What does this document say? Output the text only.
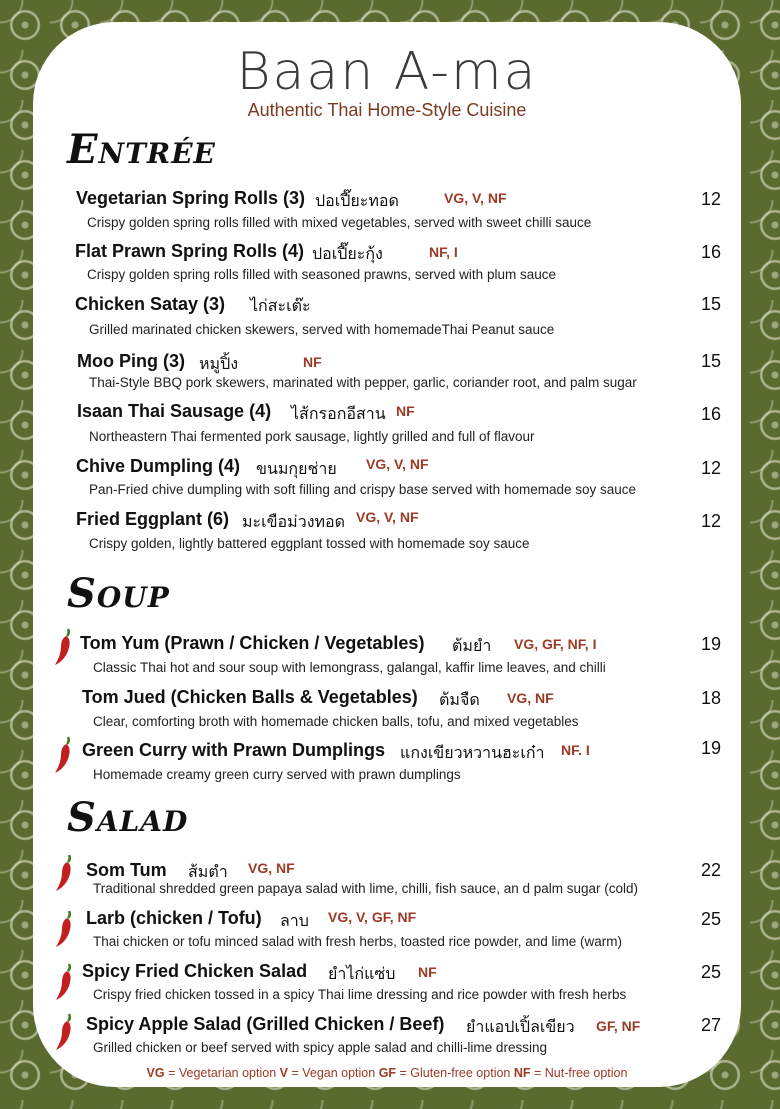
Baan A-ma
Authentic Thai Home-Style Cuisine
Entrée
Vegetarian Spring Rolls (3) ปอเปี๊ยะทอด	VG, V, NF	12
Crispy golden spring rolls filled with mixed vegetables, served with sweet chilli sauce
Flat Prawn Spring Rolls (4) ปอเปี๊ยะกุ้ง	NF, I	16
Crispy golden spring rolls filled with seasoned prawns, served with plum sauce
Chicken Satay (3) ไก่สะเต๊ะ	15
Grilled marinated chicken skewers, served with homemadeThai Peanut sauce
Moo Ping (3) หมูปิ้ง	NF	15
Thai-Style BBQ pork skewers, marinated with pepper, garlic, coriander root, and palm sugar
Isaan Thai Sausage (4) ไส้กรอกอีสาน NF	16
Northeastern Thai fermented pork sausage, lightly grilled and full of flavour
Chive Dumpling (4) ขนมกุยช่าย VG, V, NF	12
Pan-Fried chive dumpling with soft filling and crispy base served with homemade soy sauce
Fried Eggplant (6) มะเขือม่วงทอด VG, V, NF	12
Crispy golden, lightly battered eggplant tossed with homemade soy sauce
Soup
Tom Yum (Prawn / Chicken / Vegetables) ต้มยำ VG, GF, NF, I	19
Classic Thai hot and sour soup with lemongrass, galangal, kaffir lime leaves, and chilli
Tom Jued (Chicken Balls & Vegetables) ต้มจืด VG, NF	18
Clear, comforting broth with homemade chicken balls, tofu, and mixed vegetables
Green Curry with Prawn Dumplings แกงเขียวหวานฮะเก๋า NF. I	19
Homemade creamy green curry served with prawn dumplings
Salad
Som Tum ส้มตำ VG, NF	22
Traditional shredded green papaya salad with lime, chilli, fish sauce, an d palm sugar (cold)
Larb (chicken / Tofu) ลาบ VG, V, GF, NF	25
Thai chicken or tofu minced salad with fresh herbs, toasted rice powder, and lime (warm)
Spicy Fried Chicken Salad ยำไก่แซ่บ NF	25
Crispy fried chicken tossed in a spicy Thai lime dressing and rice powder with fresh herbs
Spicy Apple Salad (Grilled Chicken / Beef) ยำแอปเปิ้ลเขียว GF, NF	27
Grilled chicken or beef served with spicy apple salad and chilli-lime dressing
VG = Vegetarian option V = Vegan option GF = Gluten-free option NF = Nut-free option
